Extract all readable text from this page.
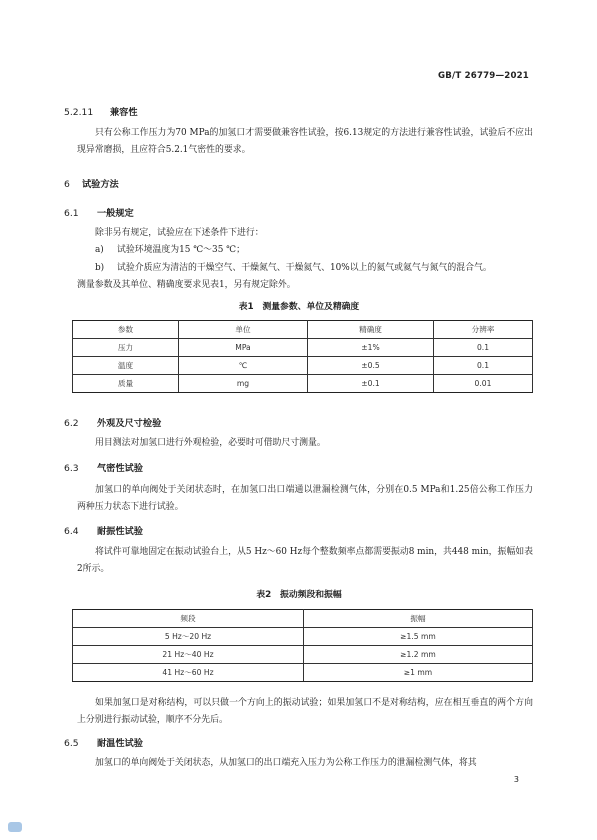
GB/T 26779—2021
5.2.11 兼容性

只有公称工作压力为70 MPa的加氢口才需要做兼容性试验，按6.13规定的方法进行兼容性试验，试验后不应出现异常磨损，且应符合5.2.1气密性的要求。

6 试验方法
6.1 一般规定
除非另有规定，试验应在下述条件下进行：
a) 试验环境温度为15 ℃～35 ℃；
b) 试验介质应为清洁的干燥空气、干燥氮气、干燥氦气、10%以上的氦气或氦气与氮气的混合气。
测量参数及其单位、精确度要求见表1，另有规定除外。
表1　测量参数、单位及精确度
参数	单位	精确度	分辨率
压力	MPa	±1%	0.1
温度	℃	±0.5	0.1
质量	mg	±0.1	0.01
6.2 外观及尺寸检验
用目测法对加氢口进行外观检验，必要时可借助尺寸测量。
6.3 气密性试验

加氢口的单向阀处于关闭状态时，在加氢口出口端通以泄漏检测气体，分别在0.5 MPa和1.25倍公称工作压力两种压力状态下进行试验。

6.4 耐振性试验

将试件可靠地固定在振动试验台上，从5 Hz～60 Hz每个整数频率点都需要振动8 min，共448 min，振幅如表2所示。

表2　振动频段和振幅
频段	振幅
5 Hz～20 Hz	≥1.5 mm
21 Hz～40 Hz	≥1.2 mm
41 Hz～60 Hz	≥1 mm

如果加氢口是对称结构，可以只做一个方向上的振动试验；如果加氢口不是对称结构，应在相互垂直的两个方向上分别进行振动试验，顺序不分先后。

6.5 耐温性试验

加氢口的单向阀处于关闭状态，从加氢口的出口端充入压力为公称工作压力的泄漏检测气体，将其

3
